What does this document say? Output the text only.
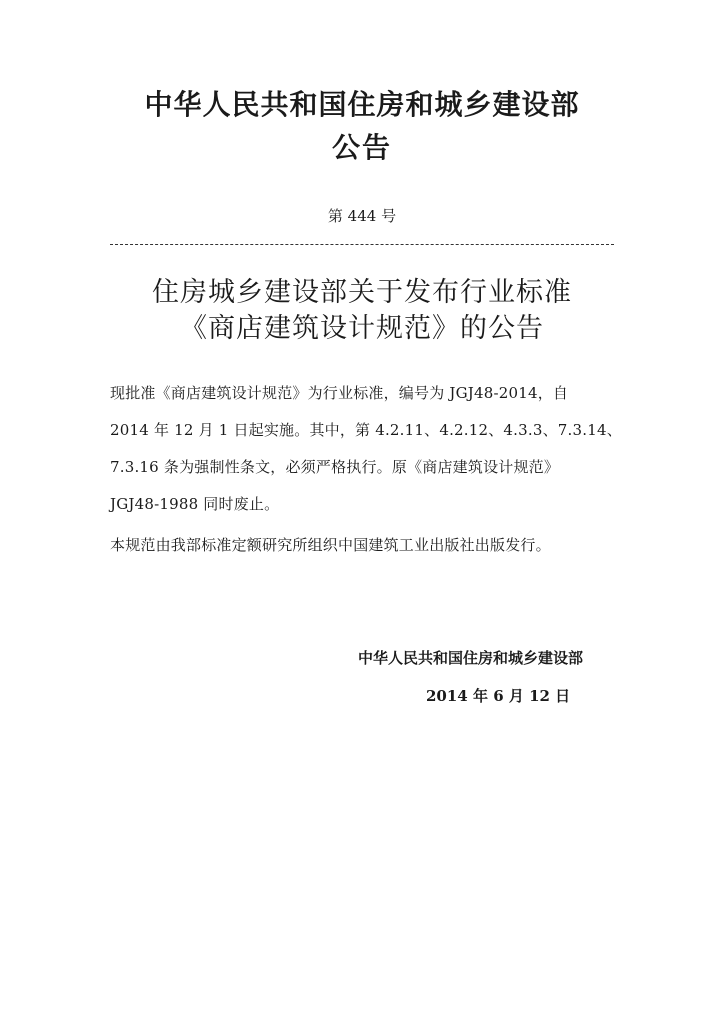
中华人民共和国住房和城乡建设部
公告
第 444 号
住房城乡建设部关于发布行业标准
《商店建筑设计规范》的公告
现批准《商店建筑设计规范》为行业标准，编号为 JGJ48-2014，自
2014 年 12 月 1 日起实施。其中，第 4.2.11、4.2.12、4.3.3、7.3.14、
7.3.16 条为强制性条文，必须严格执行。原《商店建筑设计规范》
JGJ48-1988 同时废止。
本规范由我部标准定额研究所组织中国建筑工业出版社出版发行。
中华人民共和国住房和城乡建设部
2014 年 6 月 12 日
